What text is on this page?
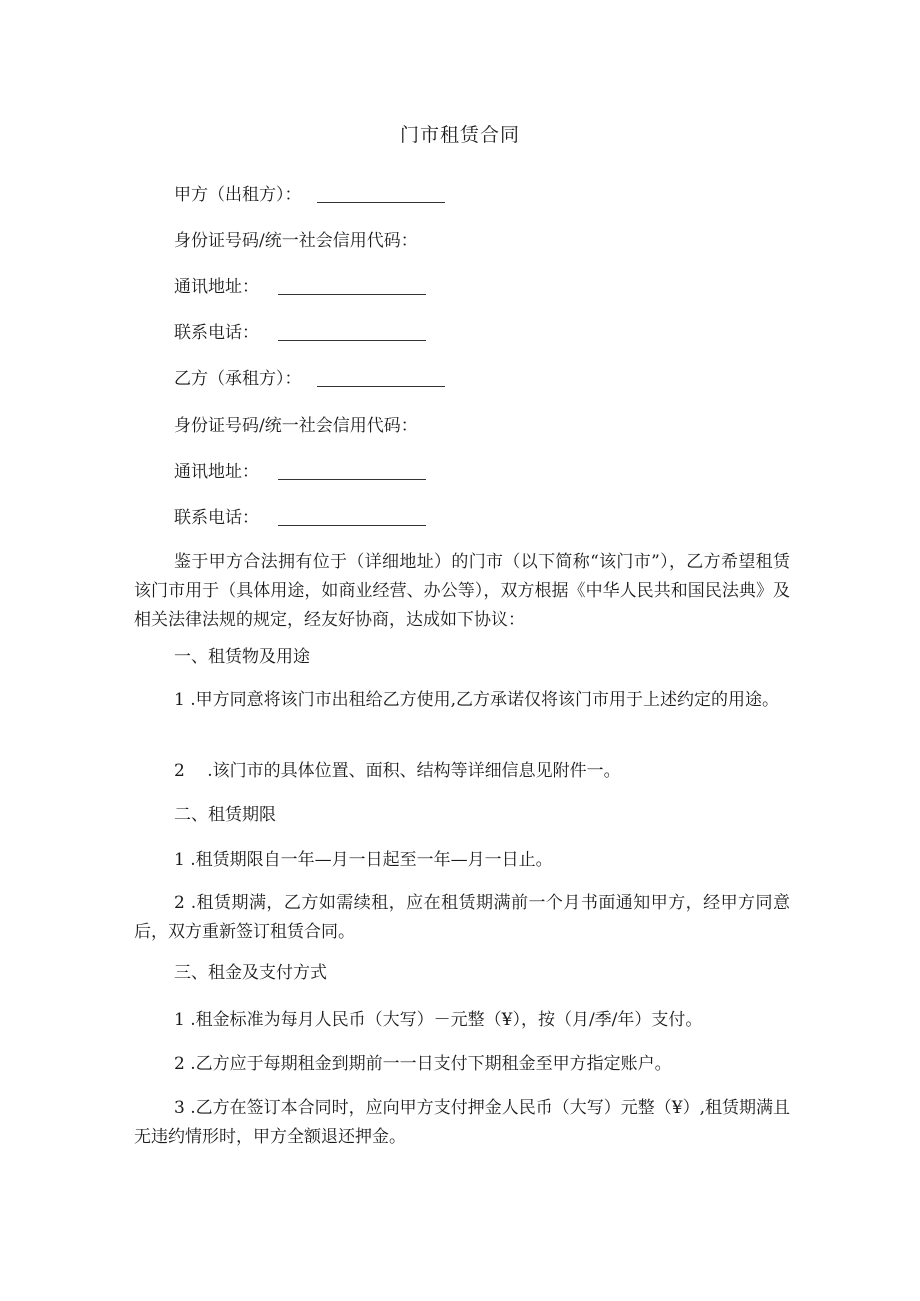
门市租赁合同
甲方（出租方）：
身份证号码/统一社会信用代码：
通讯地址：
联系电话：
乙方（承租方）：
身份证号码/统一社会信用代码：
通讯地址：
联系电话：
鉴于甲方合法拥有位于（详细地址）的门市（以下简称“该门市”），乙方希望租赁该门市用于（具体用途，如商业经营、办公等），双方根据《中华人民共和国民法典》及相关法律法规的规定，经友好协商，达成如下协议：
一、租赁物及用途
1 .甲方同意将该门市出租给乙方使用,乙方承诺仅将该门市用于上述约定的用途。
2　 .该门市的具体位置、面积、结构等详细信息见附件一。
二、租赁期限
1 .租赁期限自一年—月一日起至一年—月一日止。
2 .租赁期满，乙方如需续租，应在租赁期满前一个月书面通知甲方，经甲方同意后，双方重新签订租赁合同。
三、租金及支付方式
1 .租金标准为每月人民币（大写）－元整（¥），按（月/季/年）支付。
2 .乙方应于每期租金到期前一一日支付下期租金至甲方指定账户。
3 .乙方在签订本合同时，应向甲方支付押金人民币（大写）元整（¥）,租赁期满且无违约情形时，甲方全额退还押金。
